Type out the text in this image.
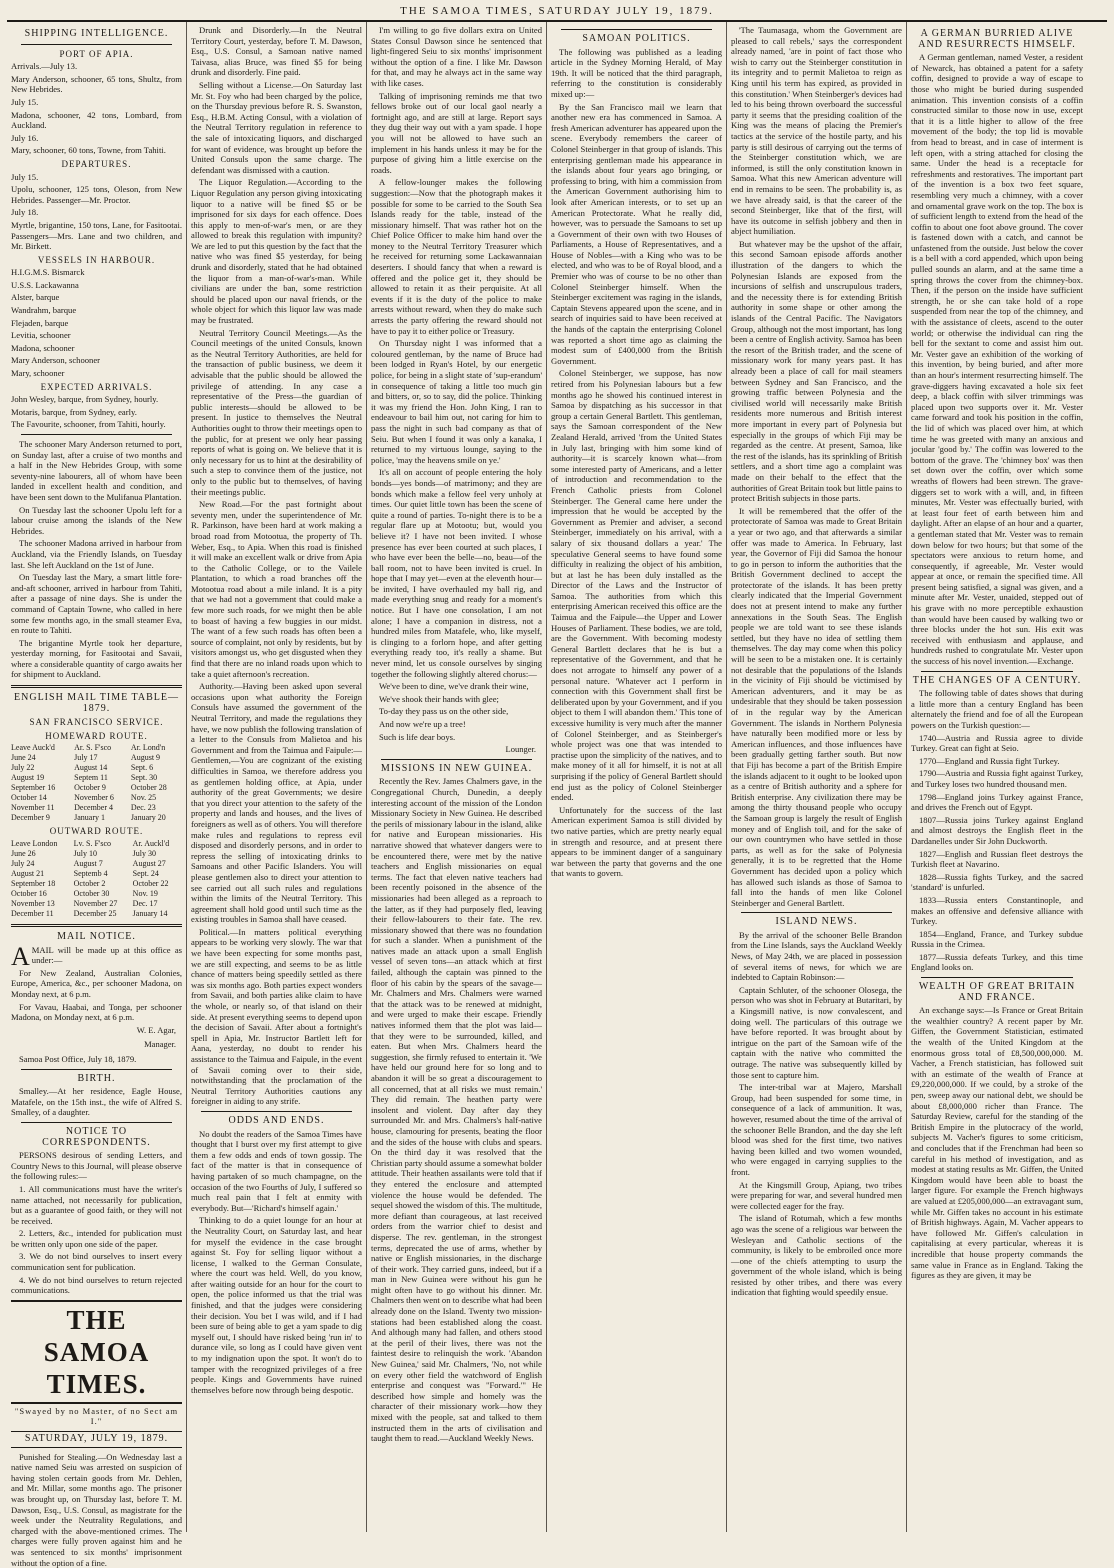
THE SAMOA TIMES, SATURDAY JULY 19, 1879.
SHIPPING INTELLIGENCE.
PORT OF APIA.

Arrivals.—July 13.

Mary Anderson, schooner, 65 tons, Shultz, from New Hebrides.

July 15.

Madona, schooner, 42 tons, Lombard, from Auckland.

July 16.

Mary, schooner, 60 tons, Towne, from Tahiti.

DEPARTURES.

July 15.

Upolu, schooner, 125 tons, Oleson, from New Hebrides. Passenger—Mr. Proctor.

July 18.

Myrtle, brigantine, 150 tons, Lane, for Fasitootai. Passengers—Mrs. Lane and two children, and Mr. Birkett.

VESSELS IN HARBOUR.

H.I.G.M.S. Bismarck

U.S.S. Lackawanna

Alster, barque

Wandrahm, barque

Flejaden, barque

Levitia, schooner

Madona, schooner

Mary Anderson, schooner

Mary, schooner

EXPECTED ARRIVALS.

John Wesley, barque, from Sydney, hourly.

Motaris, barque, from Sydney, early.

The Favourite, schooner, from Tahiti, hourly.

The schooner Mary Anderson returned to port, on Sunday last, after a cruise of two months and a half in the New Hebrides Group, with some seventy-nine labourers, all of whom have been landed in excellent health and condition, and have been sent down to the Mulifanua Plantation.

On Tuesday last the schooner Upolu left for a labour cruise among the islands of the New Hebrides.

The schooner Madona arrived in harbour from Auckland, via the Friendly Islands, on Tuesday last. She left Auckland on the 1st of June.

On Tuesday last the Mary, a smart little fore-and-aft schooner, arrived in harbour from Tahiti, after a passage of nine days. She is under the command of Captain Towne, who called in here some few months ago, in the small steamer Eva, en route to Tahiti.

The brigantine Myrtle took her departure, yesterday morning, for Fasitootai and Savaii, where a considerable quantity of cargo awaits her for shipment to Auckland.

ENGLISH MAIL TIME TABLE—1879.
SAN FRANCISCO SERVICE.
HOMEWARD ROUTE.
Leave Auck'd	Ar. S. F'sco	Ar. Lond'n
June 24	July 17	August 9
July 22	August 14	Sept. 6
August 19	Septem 11	Sept. 30
September 16	October 9	October 28
October 14	November 6	Nov. 25
November 11	December 4	Dec. 23
December 9	January 1	January 20
OUTWARD ROUTE.
Leave London	Lv. S. F'sco	Ar. Auckl'd
June 26	July 10	July 30
July 24	August 7	August 27
August 21	Septemb 4	Sept. 24
September 18	October 2	October 22
October 16	October 30	Nov. 19
November 13	November 27	Dec. 17
December 11	December 25	January 14
MAIL NOTICE.

AMAIL will be made up at this office as under:—

For New Zealand, Australian Colonies, Europe, America, &c., per schooner Madona, on Monday next, at 6 p.m.

For Vavau, Haabai, and Tonga, per schooner Madona, on Monday next, at 6 p.m.

W. E. Agar,
Manager.

Samoa Post Office, July 18, 1879.

BIRTH.

Smalley.—At her residence, Eagle House, Matafele, on the 15th inst., the wife of Alfred S. Smalley, of a daughter.

NOTICE TO CORRESPONDENTS.

PERSONS desirous of sending Letters, and Country News to this Journal, will please observe the following rules:—

1. All communications must have the writer's name attached, not necessarily for publication, but as a guarantee of good faith, or they will not be received.

2. Letters, &c., intended for publication must be written only upon one side of the paper.

3. We do not bind ourselves to insert every communication sent for publication.

4. We do not bind ourselves to return rejected communications.

THE SAMOA TIMES.
"Swayed by no Master, of no Sect am I."
SATURDAY, JULY 19, 1879.

Punished for Stealing.—On Wednesday last a native named Seiu was arrested on suspicion of having stolen certain goods from Mr. Dehlen, and Mr. Millar, some months ago. The prisoner was brought up, on Thursday last, before T. M. Dawson, Esq., U.S. Consul, as magistrate for the week under the Neutrality Regulations, and charged with the above-mentioned crimes. The charges were fully proven against him and he was sentenced to six months' imprisonment without the option of a fine.

Drunk and Disorderly.—In the Neutral Territory Court, yesterday, before T. M. Dawson, Esq., U.S. Consul, a Samoan native named Taivasa, alias Bruce, was fined $5 for being drunk and disorderly. Fine paid.

Selling without a License.—On Saturday last Mr. St. Foy who had been charged by the police, on the Thursday previous before R. S. Swanston, Esq., H.B.M. Acting Consul, with a violation of the Neutral Territory regulation in reference to the sale of intoxicating liquors, and discharged for want of evidence, was brought up before the United Consuls upon the same charge. The defendant was dismissed with a caution.

The Liquor Regulation.—According to the Liquor Regulation any person giving intoxicating liquor to a native will be fined $5 or be imprisoned for six days for each offence. Does this apply to men-of-war's men, or are they allowed to break this regulation with impunity? We are led to put this question by the fact that the native who was fined $5 yesterday, for being drunk and disorderly, stated that he had obtained the liquor from a man-of-war's-man. While civilians are under the ban, some restriction should be placed upon our naval friends, or the whole object for which this liquor law was made may be frustrated.

Neutral Territory Council Meetings.—As the Council meetings of the united Consuls, known as the Neutral Territory Authorities, are held for the transaction of public business, we deem it advisable that the public should be allowed the privilege of attending. In any case a representative of the Press—the guardian of public interests—should be allowed to be present. In justice to themselves the Neutral Authorities ought to throw their meetings open to the public, for at present we only hear passing reports of what is going on. We believe that it is only necessary for us to hint at the desirability of such a step to convince them of the justice, not only to the public but to themselves, of having their meetings public.

New Road.—For the past fortnight about seventy men, under the superintendence of Mr. R. Parkinson, have been hard at work making a broad road from Motootua, the property of Th. Weber, Esq., to Apia. When this road is finished it will make an excellent walk or drive from Apia to the Catholic College, or to the Vailele Plantation, to which a road branches off the Motootua road about a mile inland. It is a pity that we had not a government that could make a few more such roads, for we might then be able to boast of having a few buggies in our midst. The want of a few such roads has often been a source of complaint, not only by residents, but by visitors amongst us, who get disgusted when they find that there are no inland roads upon which to take a quiet afternoon's recreation.

Authority.—Having been asked upon several occasions upon what authority the Foreign Consuls have assumed the government of the Neutral Territory, and made the regulations they have, we now publish the following translation of a letter to the Consuls from Malietoa and his Government and from the Taimua and Faipule:—Gentlemen,—You are cognizant of the existing difficulties in Samoa, we therefore address you as gentlemen holding office, at Apia, under authority of the great Governments; we desire that you direct your attention to the safety of the property and lands and houses, and the lives of foreigners as well as of others. You will therefore make rules and regulations to repress evil disposed and disorderly persons, and in order to repress the selling of intoxicating drinks to Samoans and other Pacific Islanders. You will please gentlemen also to direct your attention to see carried out all such rules and regulations within the limits of the Neutral Territory. This agreement shall hold good until such time as the existing troubles in Samoa shall have ceased.

Political.—In matters political everything appears to be working very slowly. The war that we have been expecting for some months past, we are still expecting, and seems to be as little chance of matters being speedily settled as there was six months ago. Both parties expect wonders from Savaii, and both parties alike claim to have the whole, or nearly so, of that island on their side. At present everything seems to depend upon the decision of Savaii. After about a fortnight's spell in Apia, Mr. Instructor Bartlett left for Aana, yesterday, no doubt to render his assistance to the Taimua and Faipule, in the event of Savaii coming over to their side, notwithstanding that the proclamation of the Neutral Territory Authorities cautions any foreigner in aiding to any strife.

ODDS AND ENDS.

No doubt the readers of the Samoa Times have thought that I burst over my first attempt to give them a few odds and ends of town gossip. The fact of the matter is that in consequence of having partaken of so much champagne, on the occasion of the two Fourths of July, I suffered so much real pain that I felt at enmity with everybody. But—'Richard's himself again.'

Thinking to do a quiet lounge for an hour at the Neutrality Court, on Saturday last, and hear for myself the evidence in the case brought against St. Foy for selling liquor without a license, I walked to the German Consulate, where the court was held. Well, do you know, after waiting outside for an hour for the court to open, the police informed us that the trial was finished, and that the judges were considering their decision. You bet I was wild, and if I had been sure of being able to get a yam spade to dig myself out, I should have risked being 'run in' to durance vile, so long as I could have given vent to my indignation upon the spot. It won't do to tamper with the recognized privileges of a free people. Kings and Governments have ruined themselves before now through being despotic.

I'm willing to go five dollars extra on United States Consul Dawson since he sentenced that light-fingered Seiu to six months' imprisonment without the option of a fine. I like Mr. Dawson for that, and may he always act in the same way with like cases.

Talking of imprisoning reminds me that two fellows broke out of our local gaol nearly a fortnight ago, and are still at large. Report says they dug their way out with a yam spade. I hope you will not be allowed to have such an implement in his hands unless it may be for the purpose of giving him a little exercise on the roads.

A fellow-lounger makes the following suggestion:—Now that the photograph makes it possible for some to be carried to the South Sea Islands ready for the table, instead of the missionary himself. That was rather hot on the Chief Police Officer to make him hand over the money to the Neutral Territory Treasurer which he received for returning some Lackawannaian deserters. I should fancy that when a reward is offered and the police get it, they should be allowed to retain it as their perquisite. At all events if it is the duty of the police to make arrests without reward, when they do make such arrests the party offering the reward should not have to pay it to either police or Treasury.

On Thursday night I was informed that a coloured gentleman, by the name of Bruce had been lodged in Ryan's Hotel, by our energetic police, for being in a slight state of 'sup-erandum' in consequence of taking a little too much gin and bitters, or, so to say, did the police. Thinking it was my friend the Hon. John King, I ran to endeavour to bail him out, not caring for him to pass the night in such bad company as that of Seiu. But when I found it was only a kanaka, I returned to my virtuous lounge, saying to the police, 'may the heavens smile on ye.'

It's all on account of people entering the holy bonds—yes bonds—of matrimony; and they are bonds which make a fellow feel very unholy at times. Our quiet little town has been the scene of quite a round of parties. To-night there is to be a regular flare up at Motootu; but, would you believe it? I have not been invited. I whose presence has ever been courted at such places, I who have ever been the belle—no, beau—of the ball room, not to have been invited is cruel. In hope that I may yet—even at the eleventh hour—be invited, I have overhauled my ball rig, and made everything snug and ready for a moment's notice. But I have one consolation, I am not alone; I have a companion in distress, not a hundred miles from Matafele, who, like myself, is clinging to a forlorn hope, and after getting everything ready too, it's really a shame. But never mind, let us console ourselves by singing together the following slightly altered chorus:—

We've been to dine, we've drank their wine,

We've shook their hands with glee;

To-day they pass us on the other side,

And now we're up a tree!

Such is life dear boys.

Lounger.
MISSIONS IN NEW GUINEA.

Recently the Rev. James Chalmers gave, in the Congregational Church, Dunedin, a deeply interesting account of the mission of the London Missionary Society in New Guinea. He described the perils of missionary labour in the island, alike for native and European missionaries. His narrative showed that whatever dangers were to be encountered there, were met by the native teachers and English missionaries on equal terms. The fact that eleven native teachers had been recently poisoned in the absence of the missionaries had been alleged as a reproach to the latter, as if they had purposely fled, leaving their fellow-labourers to their fate. The rev. missionary showed that there was no foundation for such a slander. When a punishment of the natives made an attack upon a small English vessel of seven tons—an attack which at first failed, although the captain was pinned to the floor of his cabin by the spears of the savage—Mr. Chalmers and Mrs. Chalmers were warned that the attack was to be renewed at midnight, and were urged to make their escape. Friendly natives informed them that the plot was laid—that they were to be surrounded, killed, and eaten. But when Mrs. Chalmers heard the suggestion, she firmly refused to entertain it. 'We have held our ground here for so long and to abandon it will be so great a discouragement to all concerned, that at all risks we must remain.' They did remain. The heathen party were insolent and violent. Day after day they surrounded Mr. and Mrs. Chalmers's half-native house, clamouring for presents, beating the floor and the sides of the house with clubs and spears. On the third day it was resolved that the Christian party should assume a somewhat bolder attitude. Their heathen assailants were told that if they entered the enclosure and attempted violence the house would be defended. The sequel showed the wisdom of this. The multitude, more defiant than courageous, at last received orders from the warrior chief to desist and disperse. The rev. gentleman, in the strongest terms, deprecated the use of arms, whether by native or English missionaries, in the discharge of their work. They carried guns, indeed, but if a man in New Guinea were without his gun he might often have to go without his dinner. Mr. Chalmers then went on to describe what had been already done on the Island. Twenty two mission-stations had been established along the coast. And although many had fallen, and others stood at the peril of their lives, there was not the faintest desire to relinquish the work. 'Abandon New Guinea,' said Mr. Chalmers, 'No, not while on every other field the watchword of English enterprise and conquest was "Forward."' He described how simple and homely was the character of their missionary work—how they mixed with the people, sat and talked to them instructed them in the arts of civilisation and taught them to read.—Auckland Weekly News.

SAMOAN POLITICS.

The following was published as a leading article in the Sydney Morning Herald, of May 19th. It will be noticed that the third paragraph, referring to the constitution is considerably mixed up:—

By the San Francisco mail we learn that another new era has commenced in Samoa. A fresh American adventurer has appeared upon the scene. Everybody remembers the career of Colonel Steinberger in that group of islands. This enterprising gentleman made his appearance in the islands about four years ago bringing, or professing to bring, with him a commission from the American Government authorising him to look after American interests, or to set up an American Protectorate. What he really did, however, was to persuade the Samoans to set up a Government of their own with two Houses of Parliaments, a House of Representatives, and a House of Nobles—with a King who was to be elected, and who was to be of Royal blood, and a Premier who was of course to be no other than Colonel Steinberger himself. When the Steinberger excitement was raging in the islands, Captain Stevens appeared upon the scene, and in search of inquiries said to have been received at the hands of the captain the enterprising Colonel was reported a short time ago as claiming the modest sum of £400,000 from the British Government.

Colonel Steinberger, we suppose, has now retired from his Polynesian labours but a few months ago he showed his continued interest in Samoa by dispatching as his successor in that group a certain General Bartlett. This gentleman, says the Samoan correspondent of the New Zealand Herald, arrived 'from the United States in July last, bringing with him some kind of authority—it is scarcely known what—from some interested party of Americans, and a letter of introduction and recommendation to the French Catholic priests from Colonel Steinberger. The General came here under the impression that he would be accepted by the Government as Premier and adviser, a second Steinberger, immediately on his arrival, with a salary of six thousand dollars a year.' The speculative General seems to have found some difficulty in realizing the object of his ambition, but at last he has been duly installed as the Director of the Laws and the Instructor of Samoa. The authorities from which this enterprising American received this office are the Taimua and the Faipule—the Upper and Lower Houses of Parliament. These bodies, we are told, are the Government. With becoming modesty General Bartlett declares that he is but a representative of the Government, and that he does not arrogate to himself any power of a personal nature. 'Whatever act I perform in connection with this Government shall first be deliberated upon by your Government, and if you object to them I will abandon them.' This tone of excessive humility is very much after the manner of Colonel Steinberger, and as Steinberger's whole project was one that was intended to practise upon the simplicity of the natives, and to make money of it all for himself, it is not at all surprising if the policy of General Bartlett should end just as the policy of Colonel Steinberger ended.

Unfortunately for the success of the last American experiment Samoa is still divided by two native parties, which are pretty nearly equal in strength and resource, and at present there appears to be imminent danger of a sanguinary war between the party that governs and the one that wants to govern.

'The Taumasaga, whom the Government are pleased to call rebels,' says the correspondent already named, 'are in point of fact those who wish to carry out the Steinberger constitution in its integrity and to permit Malietoa to reign as King until his term has expired, as provided in this constitution.' When Steinberger's devices had led to his being thrown overboard the successful party it seems that the presiding coalition of the King was the means of placing the Premier's tactics at the service of the hostile party, and his party is still desirous of carrying out the terms of the Steinberger constitution which, we are informed, is still the only constitution known in Samoa. What this new American adventure will end in remains to be seen. The probability is, as we have already said, is that the career of the second Steinberger, like that of the first, will have its outcome in selfish jobbery and then in abject humiliation.

But whatever may be the upshot of the affair, this second Samoan episode affords another illustration of the dangers to which the Polynesian Islands are exposed from the incursions of selfish and unscrupulous traders, and the necessity there is for extending British authority in some shape or other among the islands of the Central Pacific. The Navigators Group, although not the most important, has long been a centre of English activity. Samoa has been the resort of the British trader, and the scene of missionary work for many years past. It has already been a place of call for mail steamers between Sydney and San Francisco, and the growing traffic between Polynesia and the civilised world will necessarily make British residents more numerous and British interest more important in every part of Polynesia but especially in the groups of which Fiji may be regarded as the centre. At present, Samoa, like the rest of the islands, has its sprinkling of British settlers, and a short time ago a complaint was made on their behalf to the effect that the authorities of Great Britain took but little pains to protect British subjects in those parts.

It will be remembered that the offer of the protectorate of Samoa was made to Great Britain a year or two ago, and that afterwards a similar offer was made to America. In February, last year, the Governor of Fiji did Samoa the honour to go in person to inform the authorities that the British Government declined to accept the protectorate of the islands. It has been pretty clearly indicated that the Imperial Government does not at present intend to make any further annexations in the South Seas. The English people we are told want to see these islands settled, but they have no idea of settling them themselves. The day may come when this policy will be seen to be a mistaken one. It is certainly not desirable that the populations of the Islands in the vicinity of Fiji should be victimised by American adventurers, and it may be as undesirable that they should be taken possession of in the regular way by the American Government. The islands in Northern Polynesia have naturally been modified more or less by American influences, and those influences have been gradually getting farther south. But now that Fiji has become a part of the British Empire the islands adjacent to it ought to be looked upon as a centre of British authority and a sphere for British enterprise. Any civilization there may be among the thirty thousand people who occupy the Samoan group is largely the result of English money and of English toil, and for the sake of our own countrymen who have settled in those parts, as well as for the sake of Polynesia generally, it is to be regretted that the Home Government has decided upon a policy which has allowed such islands as those of Samoa to fall into the hands of men like Colonel Steinberger and General Bartlett.

ISLAND NEWS.

By the arrival of the schooner Belle Brandon from the Line Islands, says the Auckland Weekly News, of May 24th, we are placed in possession of several items of news, for which we are indebted to Captain Robinson:—

Captain Schluter, of the schooner Olosega, the person who was shot in February at Butaritari, by a Kingsmill native, is now convalescent, and doing well. The particulars of this outrage we have before reported. It was brought about by intrigue on the part of the Samoan wife of the captain with the native who committed the outrage. The native was subsequently killed by those sent to capture him.

The inter-tribal war at Majero, Marshall Group, had been suspended for some time, in consequence of a lack of ammunition. It was, however, resumed about the time of the arrival of the schooner Belle Brandon, and the day she left blood was shed for the first time, two natives having been killed and two women wounded, who were engaged in carrying supplies to the front.

At the Kingsmill Group, Apiang, two tribes were preparing for war, and several hundred men were collected eager for the fray.

The island of Rotumah, which a few months ago was the scene of a religious war between the Wesleyan and Catholic sections of the community, is likely to be embroiled once more—one of the chiefs attempting to usurp the government of the whole island, which is being resisted by other tribes, and there was every indication that fighting would speedily ensue.

A GERMAN BURRIED ALIVE AND RESURRECTS HIMSELF.

A German gentleman, named Vester, a resident of Newarck, has obtained a patent for a safety coffin, designed to provide a way of escape to those who might be buried during suspended animation. This invention consists of a coffin constructed similar to those now in use, except that it is a little higher to allow of the free movement of the body; the top lid is movable from head to breast, and in case of interment is left open, with a string attached for closing the same. Under the head is a receptacle for refreshments and restoratives. The important part of the invention is a box two feet square, resembling very much a chimney, with a cover and ornamental grave work on the top. The box is of sufficient length to extend from the head of the coffin to about one foot above ground. The cover is fastened down with a catch, and cannot be unfastened from the outside. Just below the cover is a bell with a cord appended, which upon being pulled sounds an alarm, and at the same time a spring throws the cover from the chimney-box. Then, if the person on the inside have sufficient strength, he or she can take hold of a rope suspended from near the top of the chimney, and with the assistance of cleets, ascend to the outer world; or otherwise the individual can ring the bell for the sextant to come and assist him out. Mr. Vester gave an exhibition of the working of this invention, by being buried, and after more than an hour's interment resurrecting himself. The grave-diggers having excavated a hole six feet deep, a black coffin with silver trimmings was placed upon two supports over it. Mr. Vester came forward and took his position in the coffin, the lid of which was placed over him, at which time he was greeted with many an anxious and jocular 'good by.' The coffin was lowered to the bottom of the grave. The 'chimney box' was then set down over the coffin, over which some wreaths of flowers had been strewn. The grave-diggers set to work with a will, and, in fifteen minutes, Mr. Vester was effectually buried, with at least four feet of earth between him and daylight. After an elapse of an hour and a quarter, a gentleman stated that Mr. Vester was to remain down below for two hours; but that some of the spectators were anxious to return home, and consequently, if agreeable, Mr. Vester would appear at once, or remain the specified time. All present being satisfied, a signal was given, and a minute after Mr. Vester, unaided, stepped out of his grave with no more perceptible exhaustion than would have been caused by walking two or three blocks under the hot sun. His exit was received with enthusiasm and applause, and hundreds rushed to congratulate Mr. Vester upon the success of his novel invention.—Exchange.

THE CHANGES OF A CENTURY.

The following table of dates shows that during a little more than a century England has been alternately the friend and foe of all the European powers on the Turkish question:—

1740—Austria and Russia agree to divide Turkey. Great can fight at Seio.

1770—England and Russia fight Turkey.

1790—Austria and Russia fight against Turkey, and Turkey loses two hundred thousand men.

1798—England joins Turkey against France, and drives the French out of Egypt.

1807—Russia joins Turkey against England and almost destroys the English fleet in the Dardanelles under Sir John Duckworth.

1827—English and Russian fleet destroys the Turkish fleet at Navarino.

1828—Russia fights Turkey, and the sacred 'standard' is unfurled.

1833—Russia enters Constantinople, and makes an offensive and defensive alliance with Turkey.

1854—England, France, and Turkey subdue Russia in the Crimea.

1877—Russia defeats Turkey, and this time England looks on.

WEALTH OF GREAT BRITAIN AND FRANCE.

An exchange says:—Is France or Great Britain the wealthier country? A recent paper by Mr. Giffen, the Government Statistician, estimated the wealth of the United Kingdom at the enormous gross total of £8,500,000,000. M. Vacher, a French statistician, has followed suit with an estimate of the wealth of France at £9,220,000,000. If we could, by a stroke of the pen, sweep away our national debt, we should be about £8,000,000 richer than France. The Saturday Review, careful for the standing of the British Empire in the plutocracy of the world, subjects M. Vacher's figures to some criticism, and concludes that if the Frenchman had been so careful in his method of investigation, and as modest at stating results as Mr. Giffen, the United Kingdom would have been able to boast the larger figure. For example the French highways are valued at £205,000,000—an extravagant sum, while Mr. Giffen takes no account in his estimate of British highways. Again, M. Vacher appears to have followed Mr. Giffen's calculation in capitalising at every particular, whereas it is incredible that house property commands the same value in France as in England. Taking the figures as they are given, it may be
